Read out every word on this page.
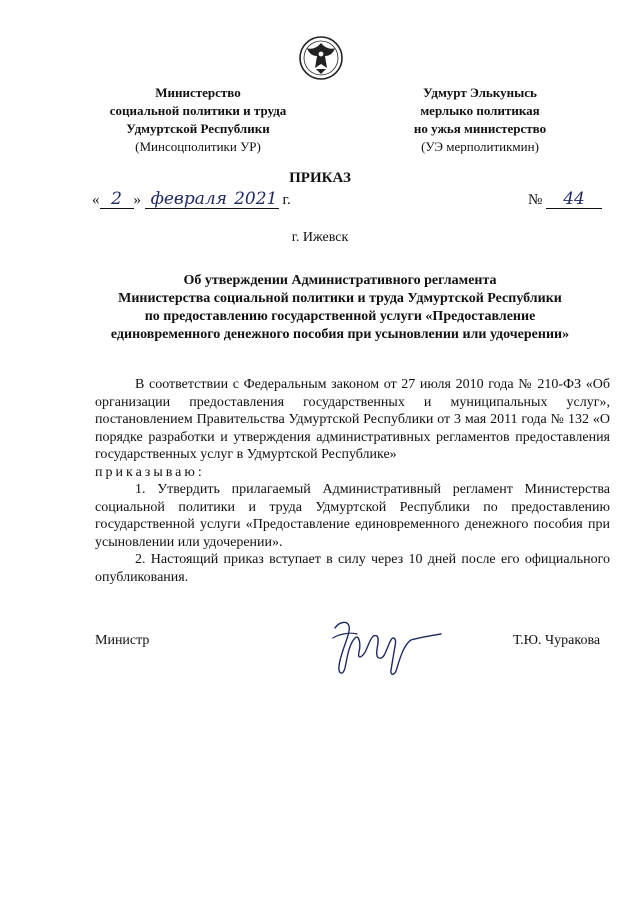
Министерство
социальной политики и труда
Удмуртской Республики
(Минсоцполитики УР)
Удмурт Элькунысь
мерлыко политикая
но ужья министерство
(УЭ мерполитикмин)
ПРИКАЗ
« 2 » февраля 2021 г.	№ 44
г. Ижевск
Об утверждении Административного регламента
Министерства социальной политики и труда Удмуртской Республики
по предоставлению государственной услуги «Предоставление
единовременного денежного пособия при усыновлении или удочерении»

В соответствии с Федеральным законом от 27 июля 2010 года № 210-ФЗ «Об организации предоставления государственных и муниципальных услуг», постановлением Правительства Удмуртской Республики от 3 мая 2011 года № 132 «О порядке разработки и утверждения административных регламентов предоставления государственных услуг в Удмуртской Республике»

приказываю:

1. Утвердить прилагаемый Административный регламент Министерства социальной политики и труда Удмуртской Республики по предоставлению государственной услуги «Предоставление единовременного денежного пособия при усыновлении или удочерении».

2. Настоящий приказ вступает в силу через 10 дней после его официального опубликования.

Министр	Т.Ю. Чуракова
